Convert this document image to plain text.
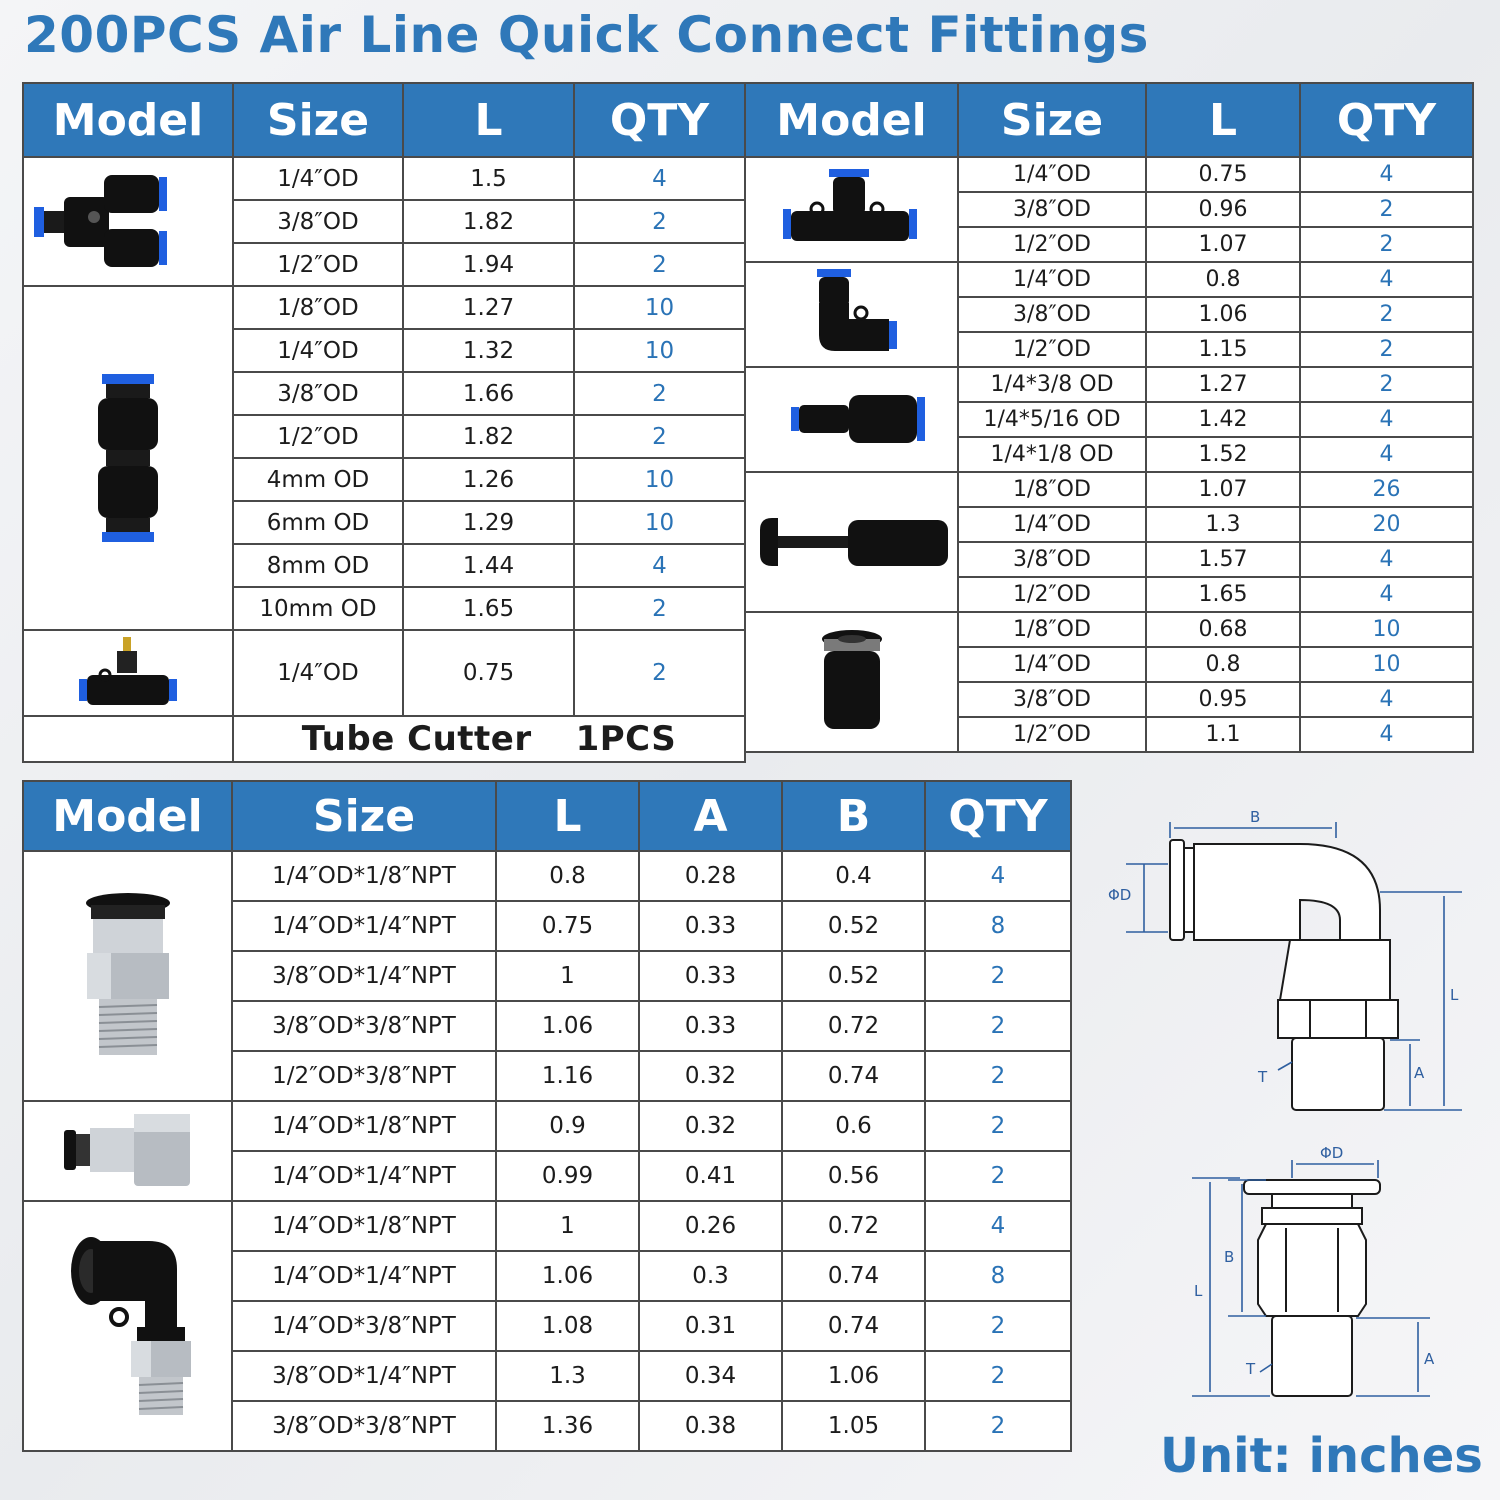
200PCS Air Line Quick Connect Fittings
Model	Size	L	QTY

	1/4″OD	1.5	4
	3/8″OD	1.82	2
	1/2″OD	1.94	2

	1/8″OD	1.27	10
	1/4″OD	1.32	10
	3/8″OD	1.66	2
	1/2″OD	1.82	2
	4mm OD	1.26	10
	6mm OD	1.29	10
	8mm OD	1.44	4
	10mm OD	1.65	2

	1/4″OD	0.75	2
	Tube Cutter 1PCS		
Model	Size	L	QTY

	1/4″OD	0.75	4
	3/8″OD	0.96	2
	1/2″OD	1.07	2

	1/4″OD	0.8	4
	3/8″OD	1.06	2
	1/2″OD	1.15	2

	1/4*3/8 OD	1.27	2
	1/4*5/16 OD	1.42	4
	1/4*1/8 OD	1.52	4

	1/8″OD	1.07	26
	1/4″OD	1.3	20
	3/8″OD	1.57	4
	1/2″OD	1.65	4

	1/8″OD	0.68	10
	1/4″OD	0.8	10
	3/8″OD	0.95	4
	1/2″OD	1.1	4
Model	Size	L	A	B	QTY

	1/4″OD*1/8″NPT	0.8	0.28	0.4	4
	1/4″OD*1/4″NPT	0.75	0.33	0.52	8
	3/8″OD*1/4″NPT	1	0.33	0.52	2
	3/8″OD*3/8″NPT	1.06	0.33	0.72	2
	1/2″OD*3/8″NPT	1.16	0.32	0.74	2

	1/4″OD*1/8″NPT	0.9	0.32	0.6	2
	1/4″OD*1/4″NPT	0.99	0.41	0.56	2

	1/4″OD*1/8″NPT	1	0.26	0.72	4
	1/4″OD*1/4″NPT	1.06	0.3	0.74	8
	1/4″OD*3/8″NPT	1.08	0.31	0.74	2
	3/8″OD*1/4″NPT	1.3	0.34	1.06	2
	3/8″OD*3/8″NPT	1.36	0.38	1.05	2
B
ΦD
L
A
T
ΦD
B
L
A
T
Unit: inches
